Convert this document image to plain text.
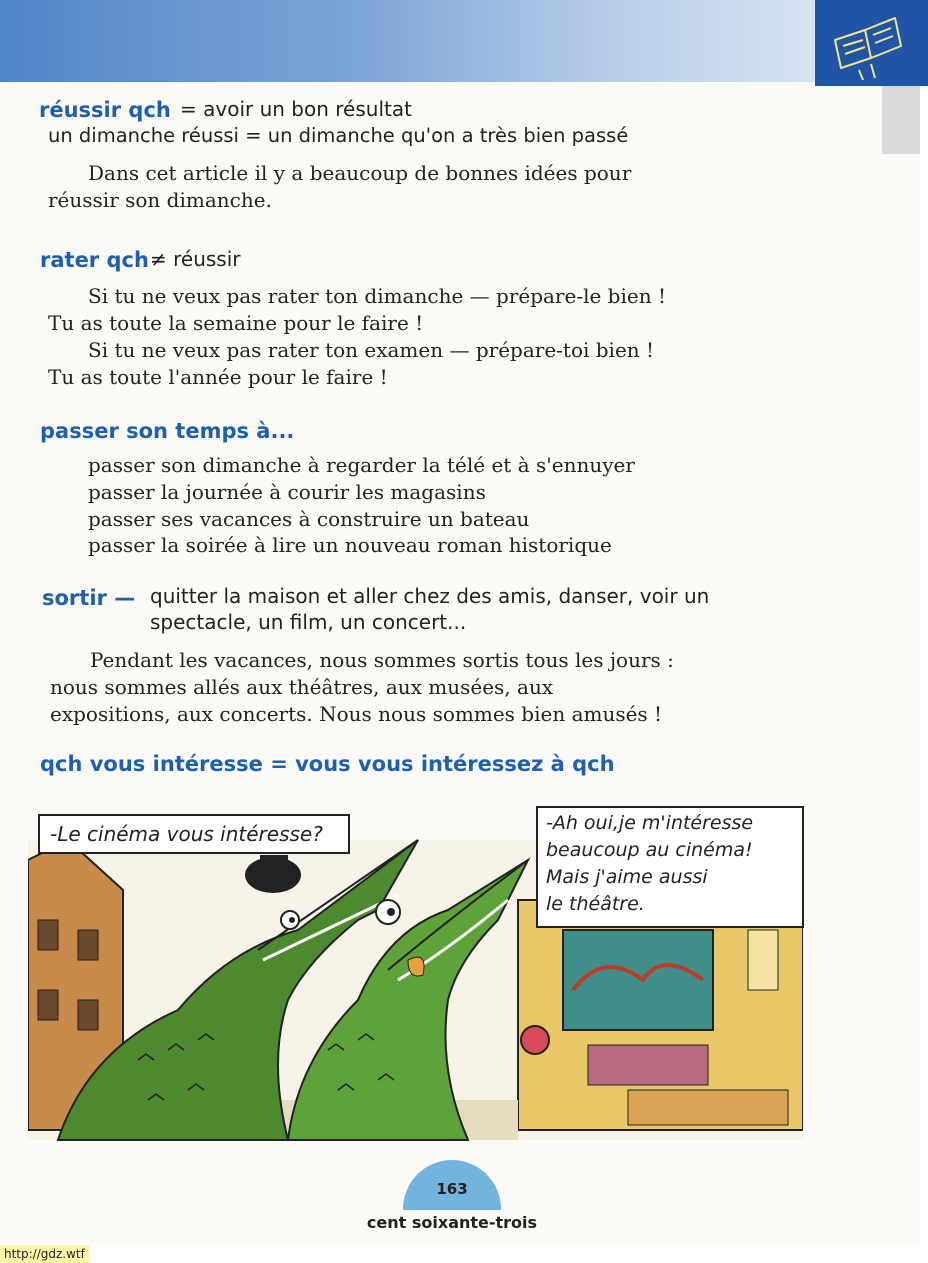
réussir qch = avoir un bon résultat
un dimanche réussi = un dimanche qu'on a très bien passé
Dans cet article il y a beaucoup de bonnes idées pour
réussir son dimanche.
rater qch ≠ réussir
Si tu ne veux pas rater ton dimanche — prépare-le bien !
Tu as toute la semaine pour le faire !
Si tu ne veux pas rater ton examen — prépare-toi bien !
Tu as toute l'année pour le faire !
passer son temps à...
passer son dimanche à regarder la télé et à s'ennuyer
passer la journée à courir les magasins
passer ses vacances à construire un bateau
passer la soirée à lire un nouveau roman historique
sortir — quitter la maison et aller chez des amis, danser, voir un
spectacle, un film, un concert...
Pendant les vacances, nous sommes sortis tous les jours :
nous sommes allés aux théâtres, aux musées, aux
expositions, aux concerts. Nous nous sommes bien amusés !
qch vous intéresse = vous vous intéressez à qch
-Le cinéma vous intéresse?	-Ah oui,je m'intéresse
beaucoup au cinéma!
Mais j'aime aussi
le théâtre.
163
cent soixante-trois
http://gdz.wtf
